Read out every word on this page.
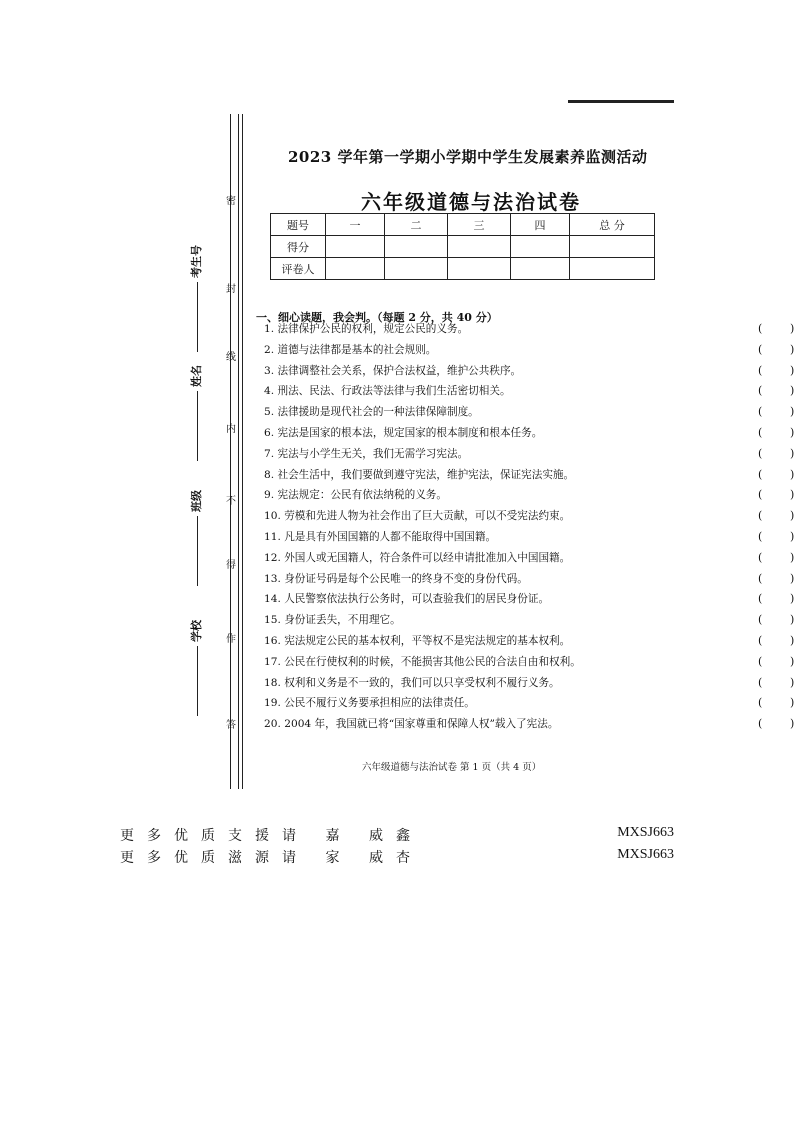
考生号
姓名
班级
学校
密
封
线
内
不
得
作
答
2023 学年第一学期小学期中学生发展素养监测活动
六年级道德与法治试卷
题号	一	二	三	四	总 分
得分					
评卷人					
一、细心读题，我会判。（每题 2 分，共 40 分）
1. 法律保护公民的权利，规定公民的义务。	(	)
2. 道德与法律都是基本的社会规则。	(	)
3. 法律调整社会关系，保护合法权益，维护公共秩序。	(	)
4. 刑法、民法、行政法等法律与我们生活密切相关。	(	)
5. 法律援助是现代社会的一种法律保障制度。	(	)
6. 宪法是国家的根本法，规定国家的根本制度和根本任务。	(	)
7. 宪法与小学生无关，我们无需学习宪法。	(	)
8. 社会生活中，我们要做到遵守宪法，维护宪法，保证宪法实施。	(	)
9. 宪法规定：公民有依法纳税的义务。	(	)
10. 劳模和先进人物为社会作出了巨大贡献，可以不受宪法约束。	(	)
11. 凡是具有外国国籍的人都不能取得中国国籍。	(	)
12. 外国人或无国籍人，符合条件可以经申请批准加入中国国籍。	(	)
13. 身份证号码是每个公民唯一的终身不变的身份代码。	(	)
14. 人民警察依法执行公务时，可以查验我们的居民身份证。	(	)
15. 身份证丢失，不用理它。	(	)
16. 宪法规定公民的基本权利，平等权不是宪法规定的基本权利。	(	)
17. 公民在行使权利的时候，不能损害其他公民的合法自由和权利。	(	)
18. 权利和义务是不一致的，我们可以只享受权利不履行义务。	(	)
19. 公民不履行义务要承担相应的法律责任。	(	)
20. 2004 年，我国就已将“国家尊重和保障人权”载入了宪法。	(	)
六年级道德与法治试卷 第 1 页（共 4 页）
更多优质支援请 嘉 威鑫	MXSJ663
更多优质滋源请 家 威杏	MXSJ663
